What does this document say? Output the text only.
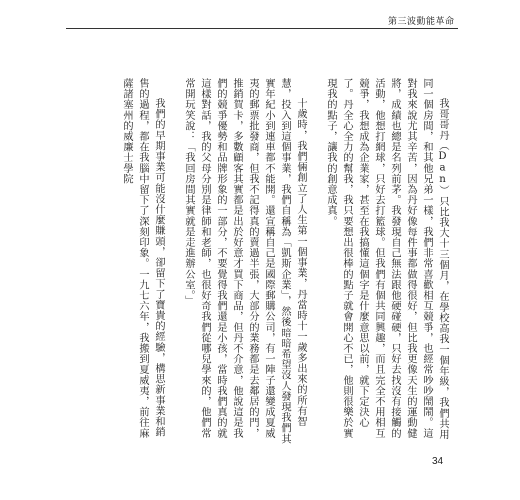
第三波動能革命

我哥哥丹（Dan）只比我大十三個月，在學校高我一個年級，我們共用同一個房間，和其他兄弟一樣，我們非常喜歡相互競爭，也經常吵吵鬧鬧。這對我來說尤其辛苦，因為丹好像每件事都做得很好，但比我更像天生的運動健將，成績也總是名列前茅。我發現自己無法跟他硬碰硬，只好去找沒有接觸的活動，他想打網球，只好去打籃球。但我們有個共同興趣，而且完全不用相互競爭，我想成為企業家，甚至在我搞懂這個字是什麼意思以前，就下定決心了。丹全心全力的幫我，我只要想出很棒的點子就會開心不已，他則很樂於實現我的點子，讓我的創意成真。

十歲時，我們倆創立了人生第一個事業，丹當時十一歲多出來的所有智慧，投入到這個事業，我們自稱為「凱斯企業」，然後暗暗希望沒人發現我們其實年紀小到連車都不能開。還宣稱自己是國際郵購公司，有一陣子還變成夏威夷的郵票批發商，但我不記得真的賣過半張，大部分的業務都是去鄰居的門，推銷賀卡，多數顧客其實都是出於好意才買下商品，但丹不介意，他說這是我們的競爭優勢和品牌形象的一部分，不要覺得我們還是小孩，當時我們真的就這樣對話，我的父母分別是律師和老師，也很好奇我們從哪兒學來的，他們常常開玩笑說：「我回房間其實就是走進辦公室。」

我們的早期事業可能沒什麼賺頭，卻留下了寶貴的經驗，構思新事業和銷售的過程，都在我腦中留下了深刻印象。一九七六年，我搬到夏威夷，前往麻薩諸塞州的威廉士學院

34
